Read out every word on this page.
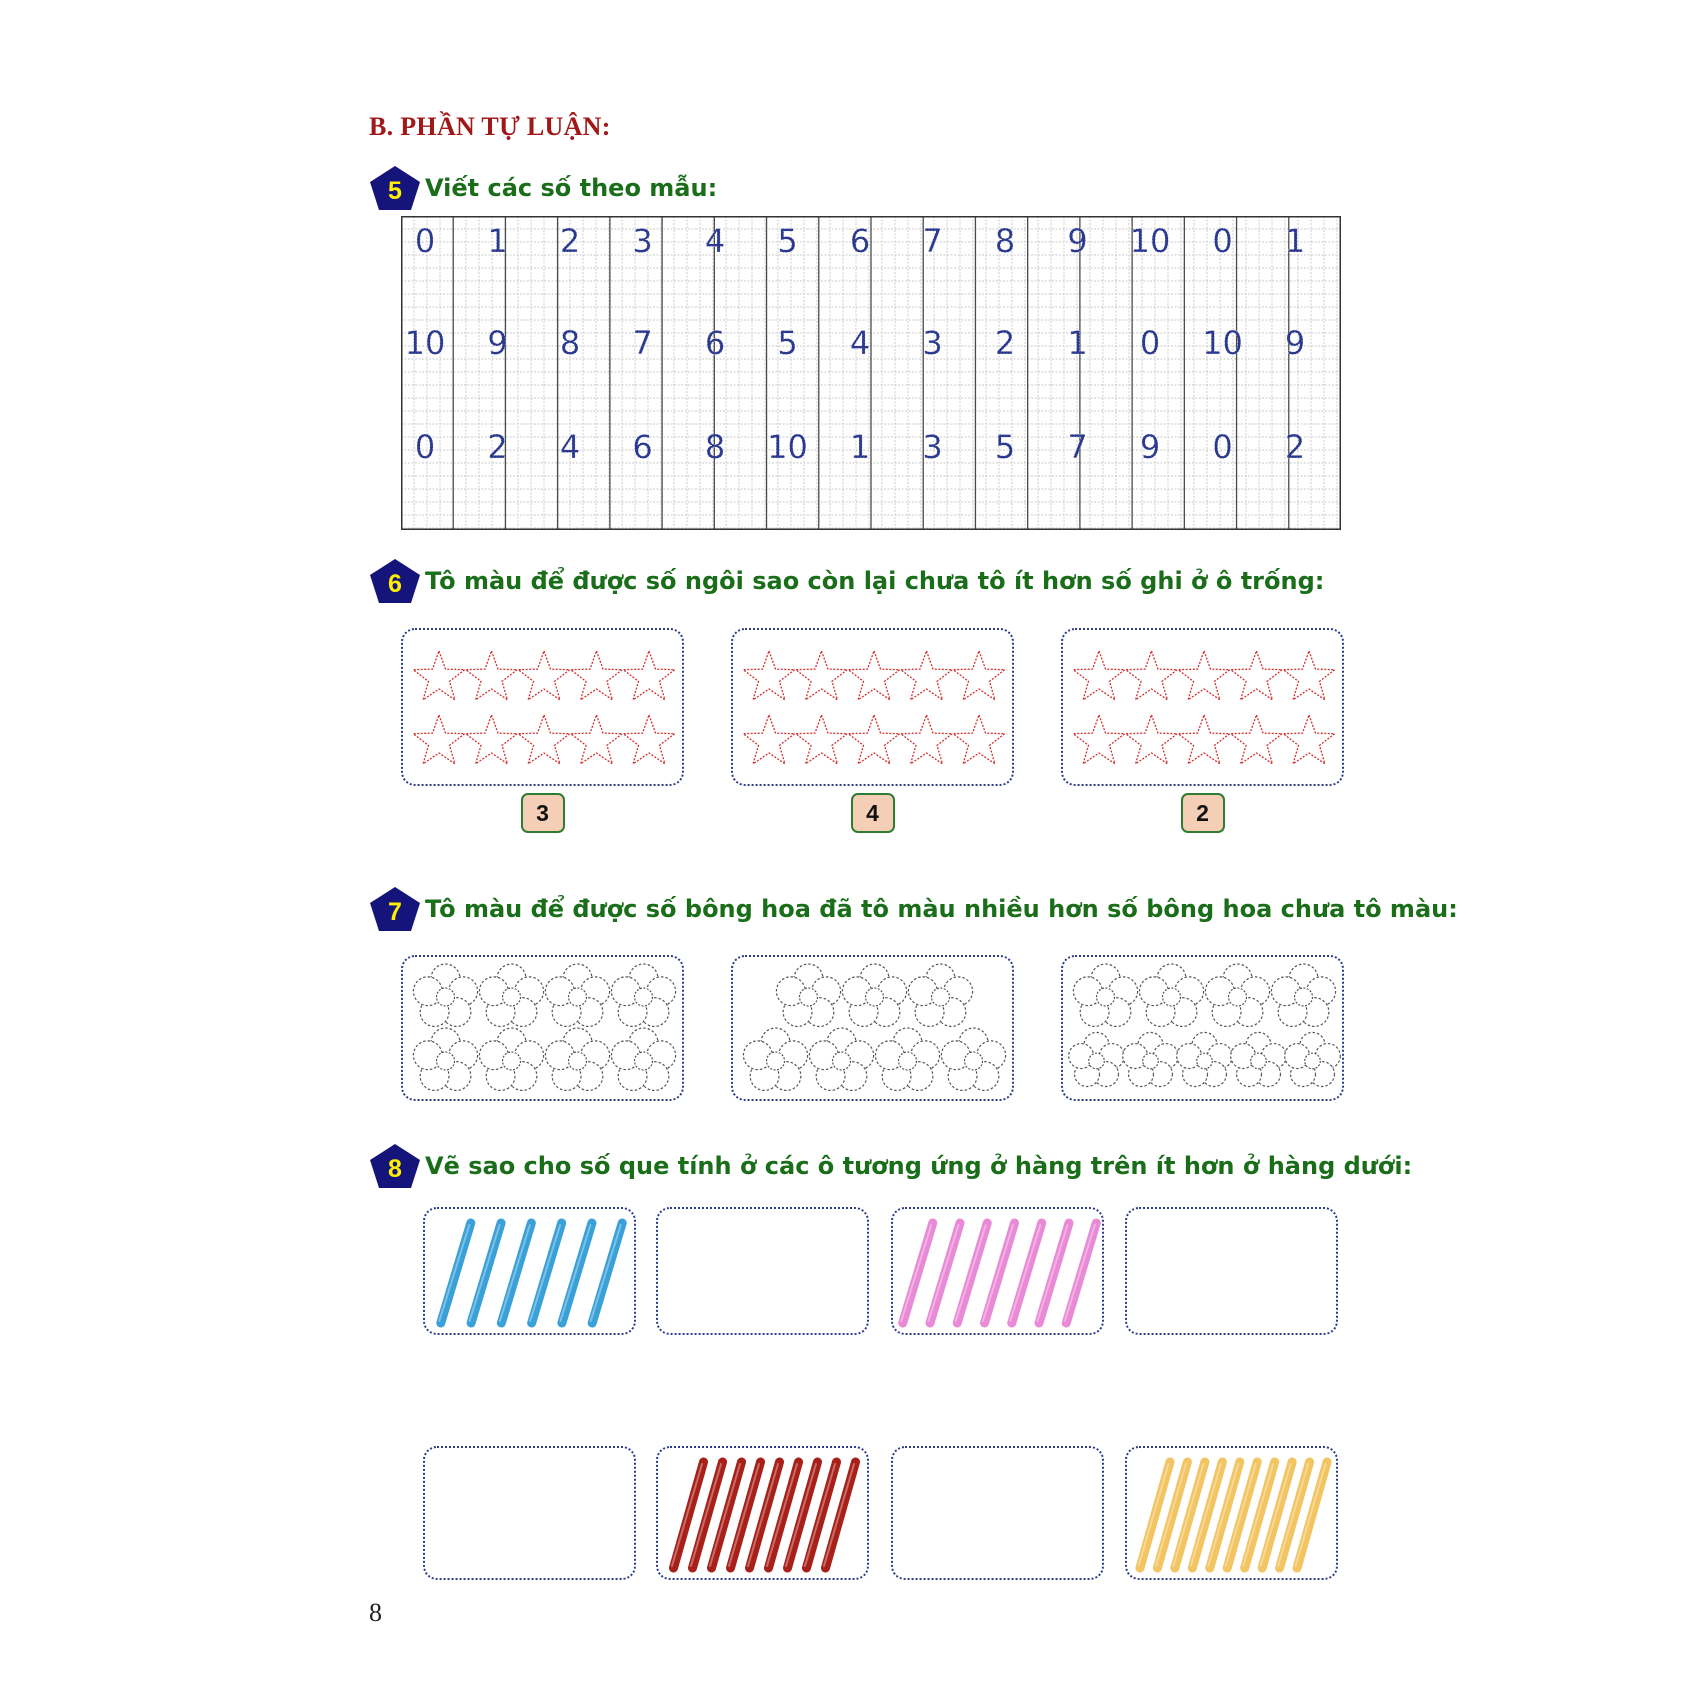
B. PHẦN TỰ LUẬN:
5 Viết các số theo mẫu:
0 1 2 3 4 5 6 7 8 9 10 0 1
10 9 8 7 6 5 4 3 2 1 0 10 9
0 2 4 6 8 10 1 3 5 7 9 0 2
6 Tô màu để được số ngôi sao còn lại chưa tô ít hơn số ghi ở ô trống:
3	4	2
7 Tô màu để được số bông hoa đã tô màu nhiều hơn số bông hoa chưa tô màu:
8 Vẽ sao cho số que tính ở các ô tương ứng ở hàng trên ít hơn ở hàng dưới:
8
